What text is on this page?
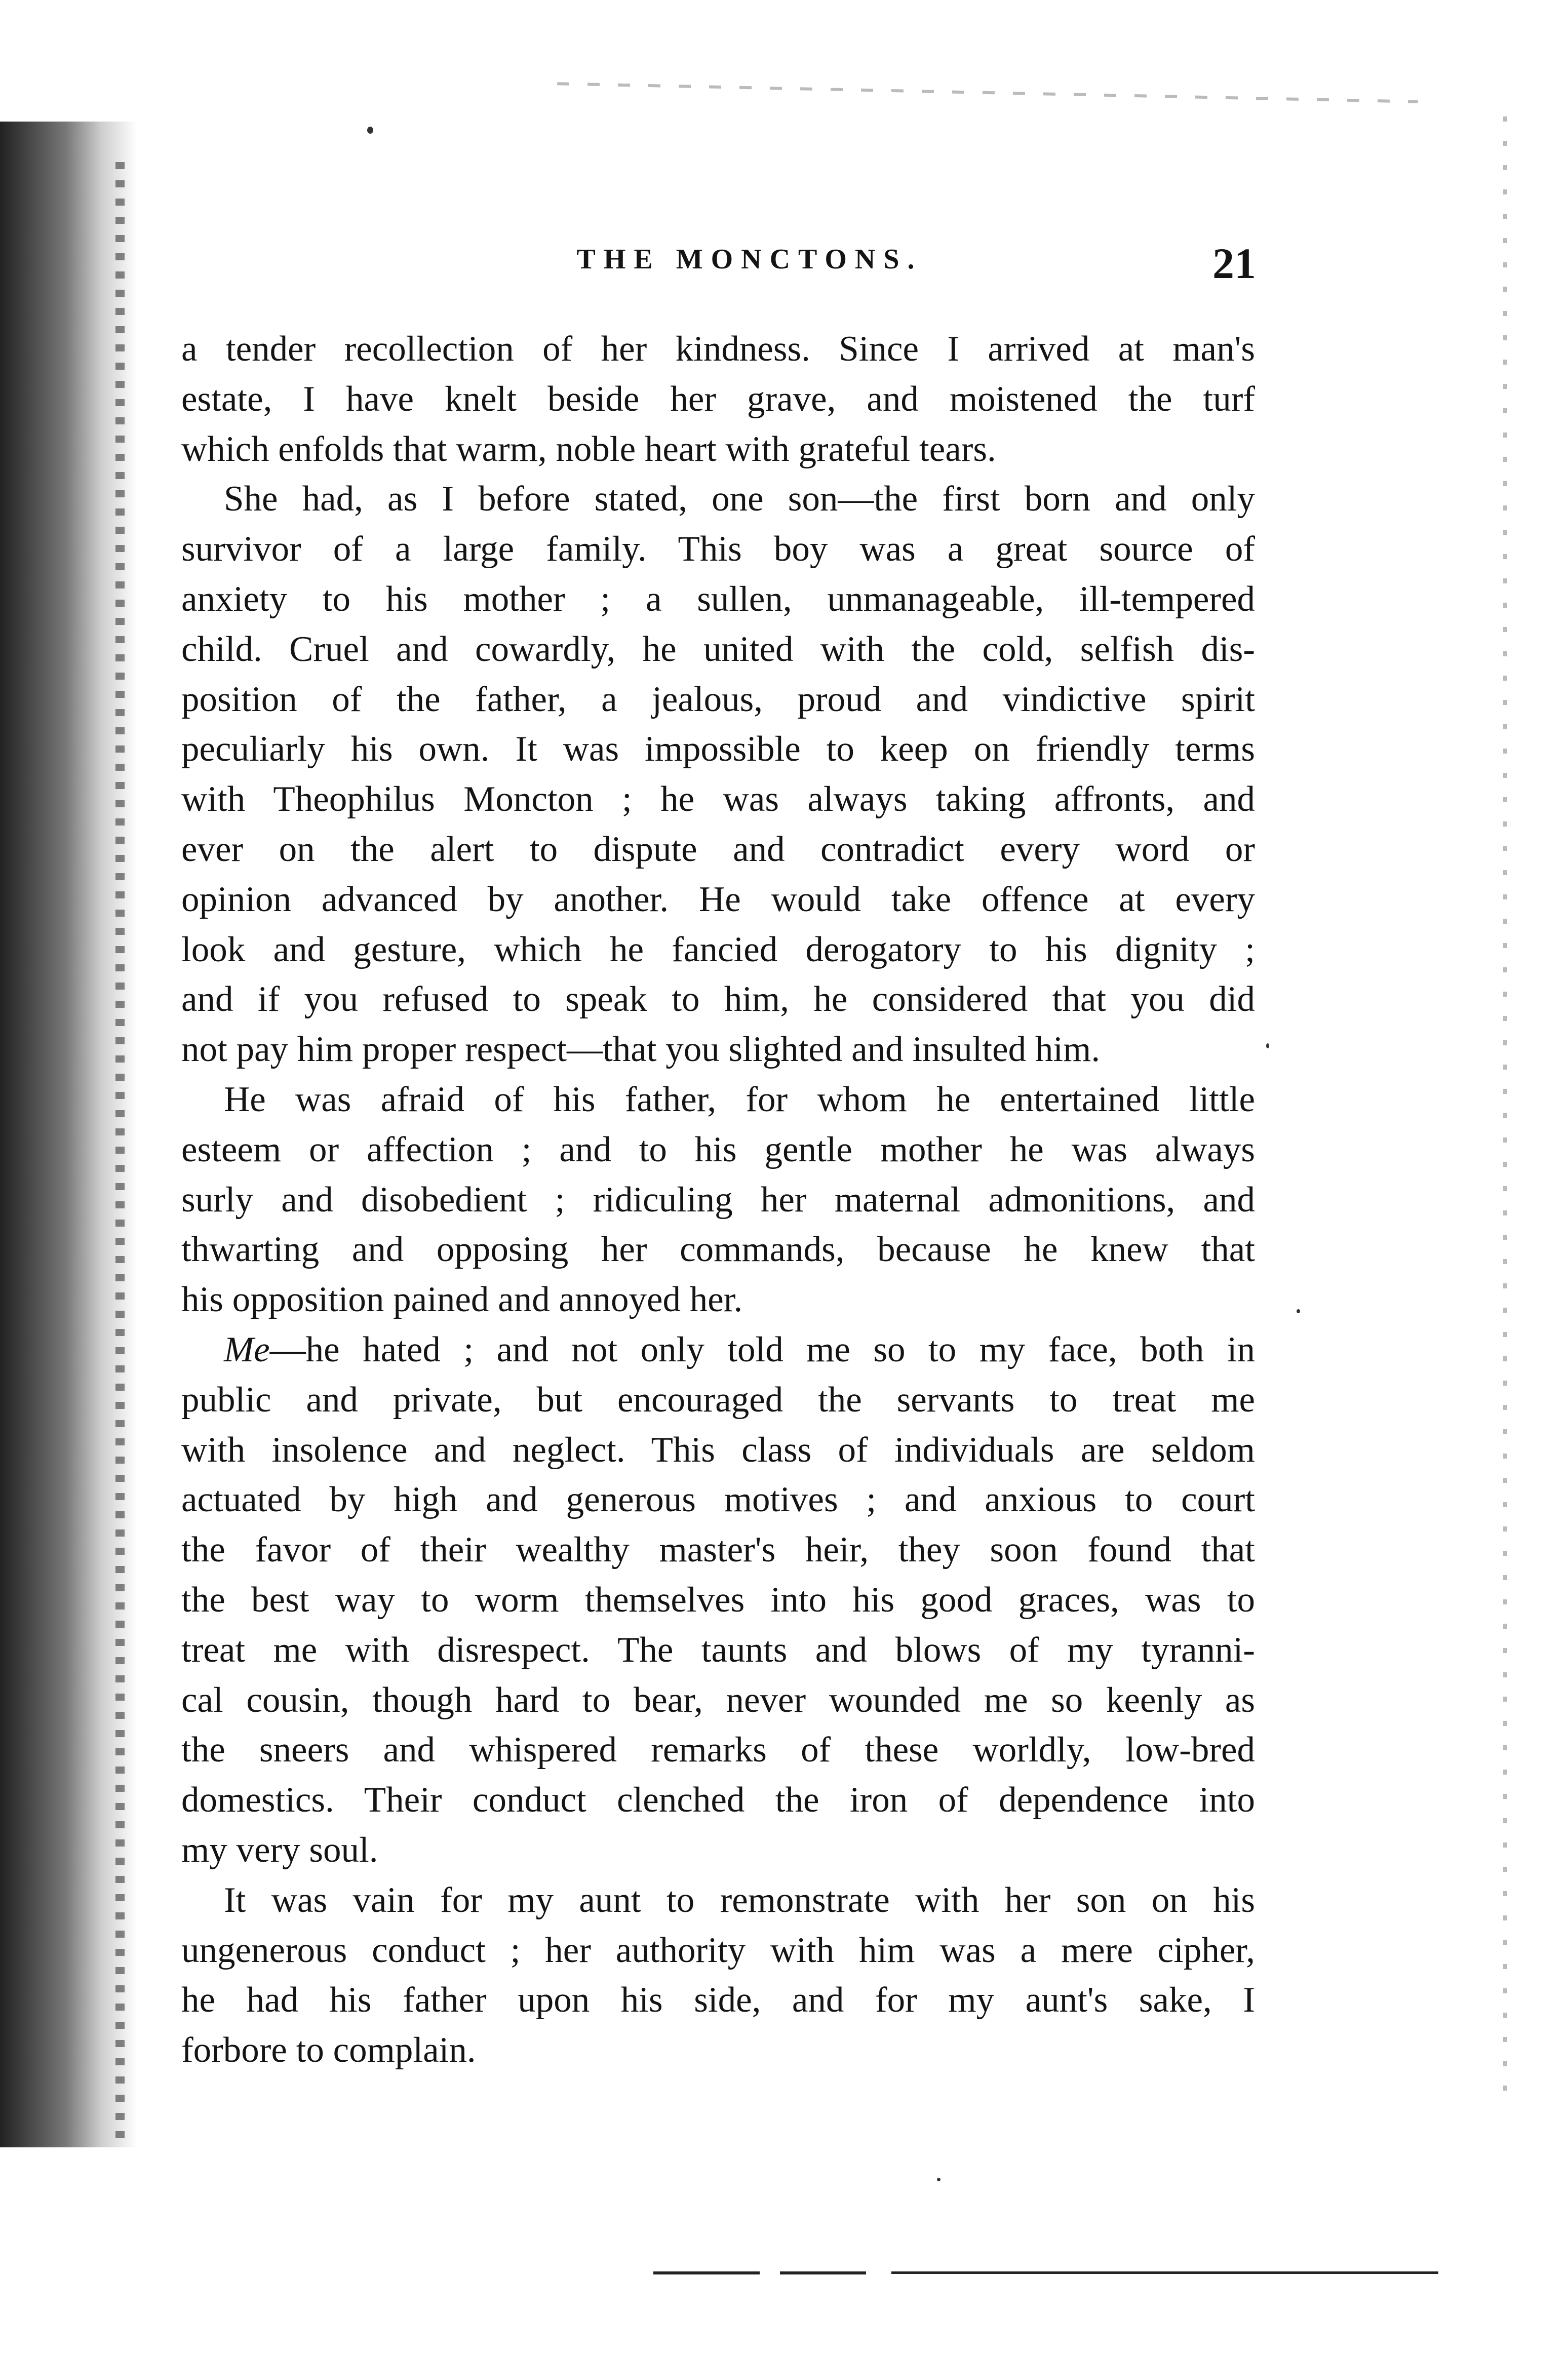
THE MONCTONS.	21
a tender recollection of her kindness. Since I arrived at man's
estate, I have knelt beside her grave, and moistened the turf
which enfolds that warm, noble heart with grateful tears.
She had, as I before stated, one son—the first born and only
survivor of a large family. This boy was a great source of
anxiety to his mother ; a sullen, unmanageable, ill-tempered
child. Cruel and cowardly, he united with the cold, selfish dis-
position of the father, a jealous, proud and vindictive spirit
peculiarly his own. It was impossible to keep on friendly terms
with Theophilus Moncton ; he was always taking affronts, and
ever on the alert to dispute and contradict every word or
opinion advanced by another. He would take offence at every
look and gesture, which he fancied derogatory to his dignity ;
and if you refused to speak to him, he considered that you did
not pay him proper respect—that you slighted and insulted him.
He was afraid of his father, for whom he entertained little
esteem or affection ; and to his gentle mother he was always
surly and disobedient ; ridiculing her maternal admonitions, and
thwarting and opposing her commands, because he knew that
his opposition pained and annoyed her.
Me—he hated ; and not only told me so to my face, both in
public and private, but encouraged the servants to treat me
with insolence and neglect. This class of individuals are seldom
actuated by high and generous motives ; and anxious to court
the favor of their wealthy master's heir, they soon found that
the best way to worm themselves into his good graces, was to
treat me with disrespect. The taunts and blows of my tyranni-
cal cousin, though hard to bear, never wounded me so keenly as
the sneers and whispered remarks of these worldly, low-bred
domestics. Their conduct clenched the iron of dependence into
my very soul.
It was vain for my aunt to remonstrate with her son on his
ungenerous conduct ; her authority with him was a mere cipher,
he had his father upon his side, and for my aunt's sake, I
forbore to complain.
